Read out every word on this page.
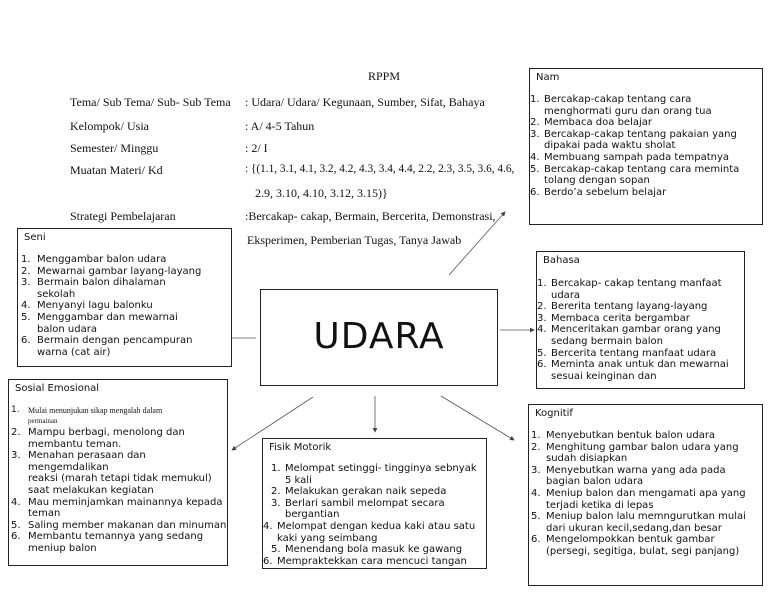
RPPM
Tema/ Sub Tema/ Sub- Sub Tema : Udara/ Udara/ Kegunaan, Sumber, Sifat, Bahaya
Kelompok/ Usia	: A/ 4-5 Tahun
Semester/ Minggu	: 2/ I
Muatan Materi/ Kd	: {(1.1, 3.1, 4.1, 3.2, 4.2, 4.3, 3.4, 4.4, 2.2, 2.3, 3.5, 3.6, 4.6,
2.9, 3.10, 4.10, 3.12, 3.15)}
Strategi Pembelajaran	:Bercakap- cakap, Bermain, Bercerita, Demonstrasi,
Eksperimen, Pemberian Tugas, Tanya Jawab
UDARA
Nam
1. Bercakap-cakap tentang cara
menghormati guru dan orang tua
2. Membaca doa belajar
3. Bercakap-cakap tentang pakaian yang
dipakai pada waktu sholat
4. Membuang sampah pada tempatnya
5. Bercakap-cakap tentang cara meminta
tolang dengan sopan
6. Berdo’a sebelum belajar
Seni
1. Menggambar balon udara
2. Mewarnai gambar layang-layang
3. Bermain balon dihalaman
sekolah
4. Menyanyi lagu balonku
5. Menggambar dan mewarnai
balon udara
6. Bermain dengan pencampuran
warna (cat air)
Bahasa
1. Bercakap- cakap tentang manfaat
udara
2. Bererita tentang layang-layang
3. Membaca cerita bergambar
4. Menceritakan gambar orang yang
sedang bermain balon
5. Bercerita tentang manfaat udara
6. Meminta anak untuk dan mewarnai
sesuai keinginan dan
Sosial Emosional
1.	Mulai menunjukan sikap mengalah dalam
permainan
2. Mampu berbagi, menolong dan
membantu teman.
3. Menahan perasaan dan mengemdalikan
reaksi (marah tetapi tidak memukul)
saat melakukan kegiatan
4. Mau meminjamkan mainannya kepada
teman
5. Saling member makanan dan minuman
6. Membantu temannya yang sedang
meniup balon
Fisik Motorik
1. Melompat setinggi- tingginya sebnyak
5 kali
2. Melakukan gerakan naik sepeda
3. Berlari sambil melompat secara
bergantian
4. Melompat dengan kedua kaki atau satu
kaki yang seimbang
5. Menendang bola masuk ke gawang
6. Mempraktekkan cara mencuci tangan
Kognitif
1. Menyebutkan bentuk balon udara
2. Menghitung gambar balon udara yang
sudah disiapkan
3. Menyebutkan warna yang ada pada
bagian balon udara
4. Meniup balon dan mengamati apa yang
terjadi ketika di lepas
5. Meniup balon lalu memngurutkan mulai
dari ukuran kecil,sedang,dan besar
6. Mengelompokkan bentuk gambar
(persegi, segitiga, bulat, segi panjang)
